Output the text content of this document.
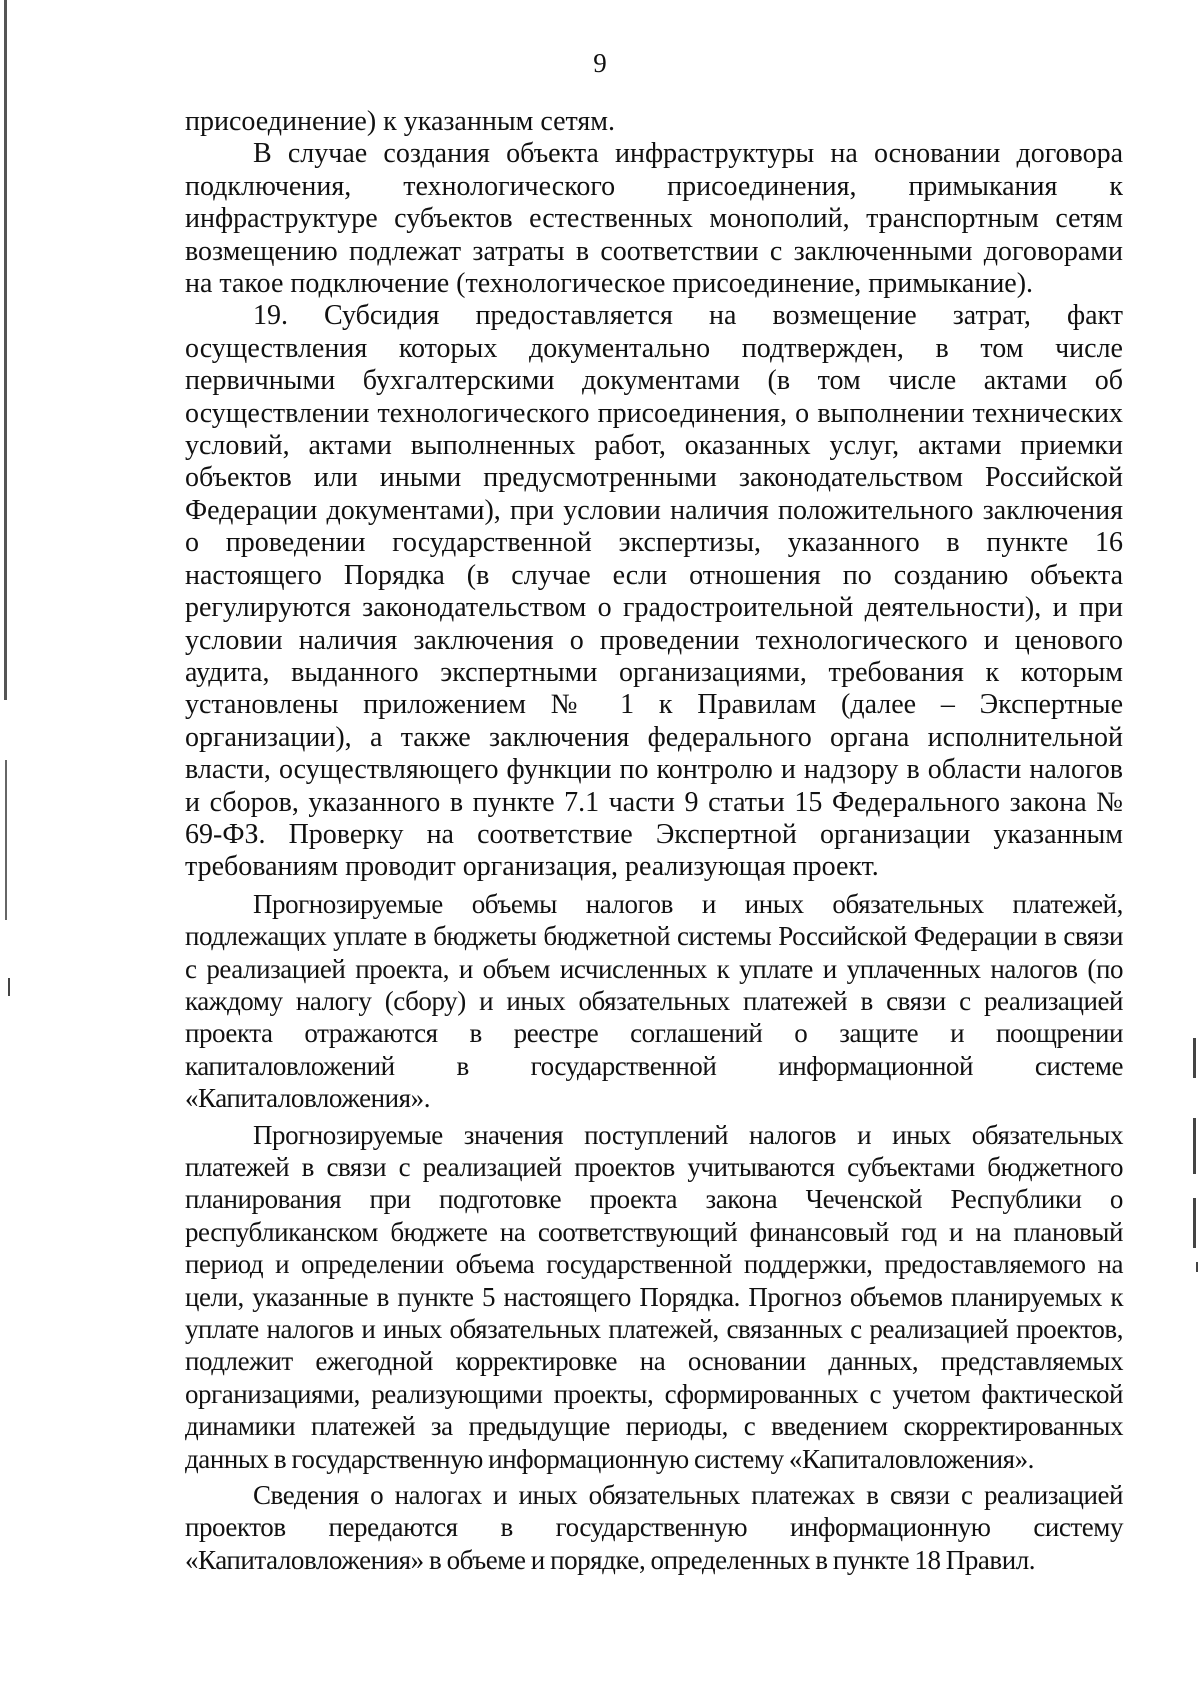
9

присоединение) к указанным сетям.

В случае создания объекта инфраструктуры на основании договора подключения, технологического присоединения, примыкания к инфраструктуре субъектов естественных монополий, транспортным сетям возмещению подлежат затраты в соответствии с заключенными договорами на такое подключение (технологическое присоединение, примыкание).

19. Субсидия предоставляется на возмещение затрат, факт осуществления которых документально подтвержден, в том числе первичными бухгалтерскими документами (в том числе актами об осуществлении технологического присоединения, о выполнении технических условий, актами выполненных работ, оказанных услуг, актами приемки объектов или иными предусмотренными законодательством Российской Федерации документами), при условии наличия положительного заключения о проведении государственной экспертизы, указанного в пункте 16 настоящего Порядка (в случае если отношения по созданию объекта регулируются законодательством о градостроительной деятельности), и при условии наличия заключения о проведении технологического и ценового аудита, выданного экспертными организациями, требования к которым установлены приложением № 1 к Правилам (далее – Экспертные организации), а также заключения федерального органа исполнительной власти, осуществляющего функции по контролю и надзору в области налогов и сборов, указанного в пункте 7.1 части 9 статьи 15 Федерального закона № 69-ФЗ. Проверку на соответствие Экспертной организации указанным требованиям проводит организация, реализующая проект.

Прогнозируемые объемы налогов и иных обязательных платежей, подлежащих уплате в бюджеты бюджетной системы Российской Федерации в связи с реализацией проекта, и объем исчисленных к уплате и уплаченных налогов (по каждому налогу (сбору) и иных обязательных платежей в связи с реализацией проекта отражаются в реестре соглашений о защите и поощрении капиталовложений в государственной информационной системе «Капиталовложения».

Прогнозируемые значения поступлений налогов и иных обязательных платежей в связи с реализацией проектов учитываются субъектами бюджетного планирования при подготовке проекта закона Чеченской Республики о республиканском бюджете на соответствующий финансовый год и на плановый период и определении объема государственной поддержки, предоставляемого на цели, указанные в пункте 5 настоящего Порядка. Прогноз объемов планируемых к уплате налогов и иных обязательных платежей, связанных с реализацией проектов, подлежит ежегодной корректировке на основании данных, представляемых организациями, реализующими проекты, сформированных с учетом фактической динамики платежей за предыдущие периоды, с введением скорректированных данных в государственную информационную систему «Капиталовложения».

Сведения о налогах и иных обязательных платежах в связи с реализацией проектов передаются в государственную информационную систему «Капиталовложения» в объеме и порядке, определенных в пункте 18 Правил.
